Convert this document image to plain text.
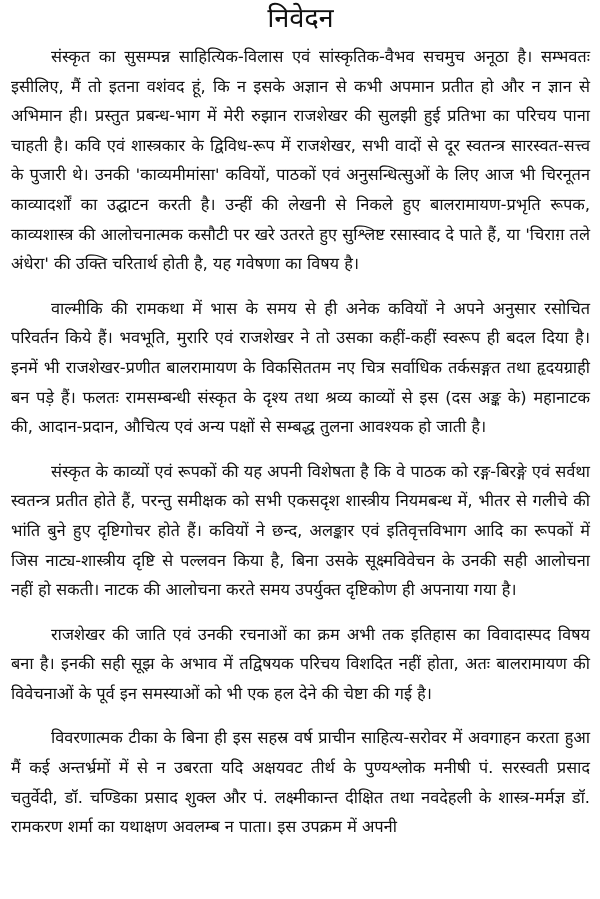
निवेदन

संस्कृत का सुसम्पन्न साहित्यिक-विलास एवं सांस्कृतिक-वैभव सचमुच अनूठा है। सम्भवतः इसीलिए, मैं तो इतना वशंवद हूं, कि न इसके अज्ञान से कभी अपमान प्रतीत हो और न ज्ञान से अभिमान ही। प्रस्तुत प्रबन्ध-भाग में मेरी रुझान राजशेखर की सुलझी हुई प्रतिभा का परिचय पाना चाहती है। कवि एवं शास्त्रकार के द्विविध-रूप में राजशेखर, सभी वादों से दूर स्वतन्त्र सारस्वत-सत्त्व के पुजारी थे। उनकी 'काव्यमीमांसा' कवियों, पाठकों एवं अनुसन्धित्सुओं के लिए आज भी चिरनूतन काव्यादर्शों का उद्घाटन करती है। उन्हीं की लेखनी से निकले हुए बालरामायण-प्रभृति रूपक, काव्यशास्त्र की आलोचनात्मक कसौटी पर खरे उतरते हुए सुश्लिष्ट रसास्वाद दे पाते हैं, या 'चिराग़ तले अंधेरा' की उक्ति चरितार्थ होती है, यह गवेषणा का विषय है।

वाल्मीकि की रामकथा में भास के समय से ही अनेक कवियों ने अपने अनुसार रसोचित परिवर्तन किये हैं। भवभूति, मुरारि एवं राजशेखर ने तो उसका कहीं-कहीं स्वरूप ही बदल दिया है। इनमें भी राजशेखर-प्रणीत बालरामायण के विकसिततम नए चित्र सर्वाधिक तर्कसङ्गत तथा हृदयग्राही बन पड़े हैं। फलतः रामसम्बन्धी संस्कृत के दृश्य तथा श्रव्य काव्यों से इस (दस अङ्क के) महानाटक की, आदान-प्रदान, औचित्य एवं अन्य पक्षों से सम्बद्ध तुलना आवश्यक हो जाती है।

संस्कृत के काव्यों एवं रूपकों की यह अपनी विशेषता है कि वे पाठक को रङ्ग-बिरङ्गे एवं सर्वथा स्वतन्त्र प्रतीत होते हैं, परन्तु समीक्षक को सभी एकसदृश शास्त्रीय नियमबन्ध में, भीतर से गलीचे की भांति बुने हुए दृष्टिगोचर होते हैं। कवियों ने छन्द, अलङ्कार एवं इतिवृत्तविभाग आदि का रूपकों में जिस नाट्य-शास्त्रीय दृष्टि से पल्लवन किया है, बिना उसके सूक्ष्मविवेचन के उनकी सही आलोचना नहीं हो सकती। नाटक की आलोचना करते समय उपर्युक्त दृष्टिकोण ही अपनाया गया है।

राजशेखर की जाति एवं उनकी रचनाओं का क्रम अभी तक इतिहास का विवादास्पद विषय बना है। इनकी सही सूझ के अभाव में तद्विषयक परिचय विशदित नहीं होता, अतः बालरामायण की विवेचनाओं के पूर्व इन समस्याओं को भी एक हल देने की चेष्टा की गई है।

विवरणात्मक टीका के बिना ही इस सहस्र वर्ष प्राचीन साहित्य-सरोवर में अवगाहन करता हुआ मैं कई अन्तर्भ्रमों में से न उबरता यदि अक्षयवट तीर्थ के पुण्यश्लोक मनीषी पं. सरस्वती प्रसाद चतुर्वेदी, डॉ. चण्डिका प्रसाद शुक्ल और पं. लक्ष्मीकान्त दीक्षित तथा नवदेहली के शास्त्र-मर्मज्ञ डॉ. रामकरण शर्मा का यथाक्षण अवलम्ब न पाता। इस उपक्रम में अपनी
